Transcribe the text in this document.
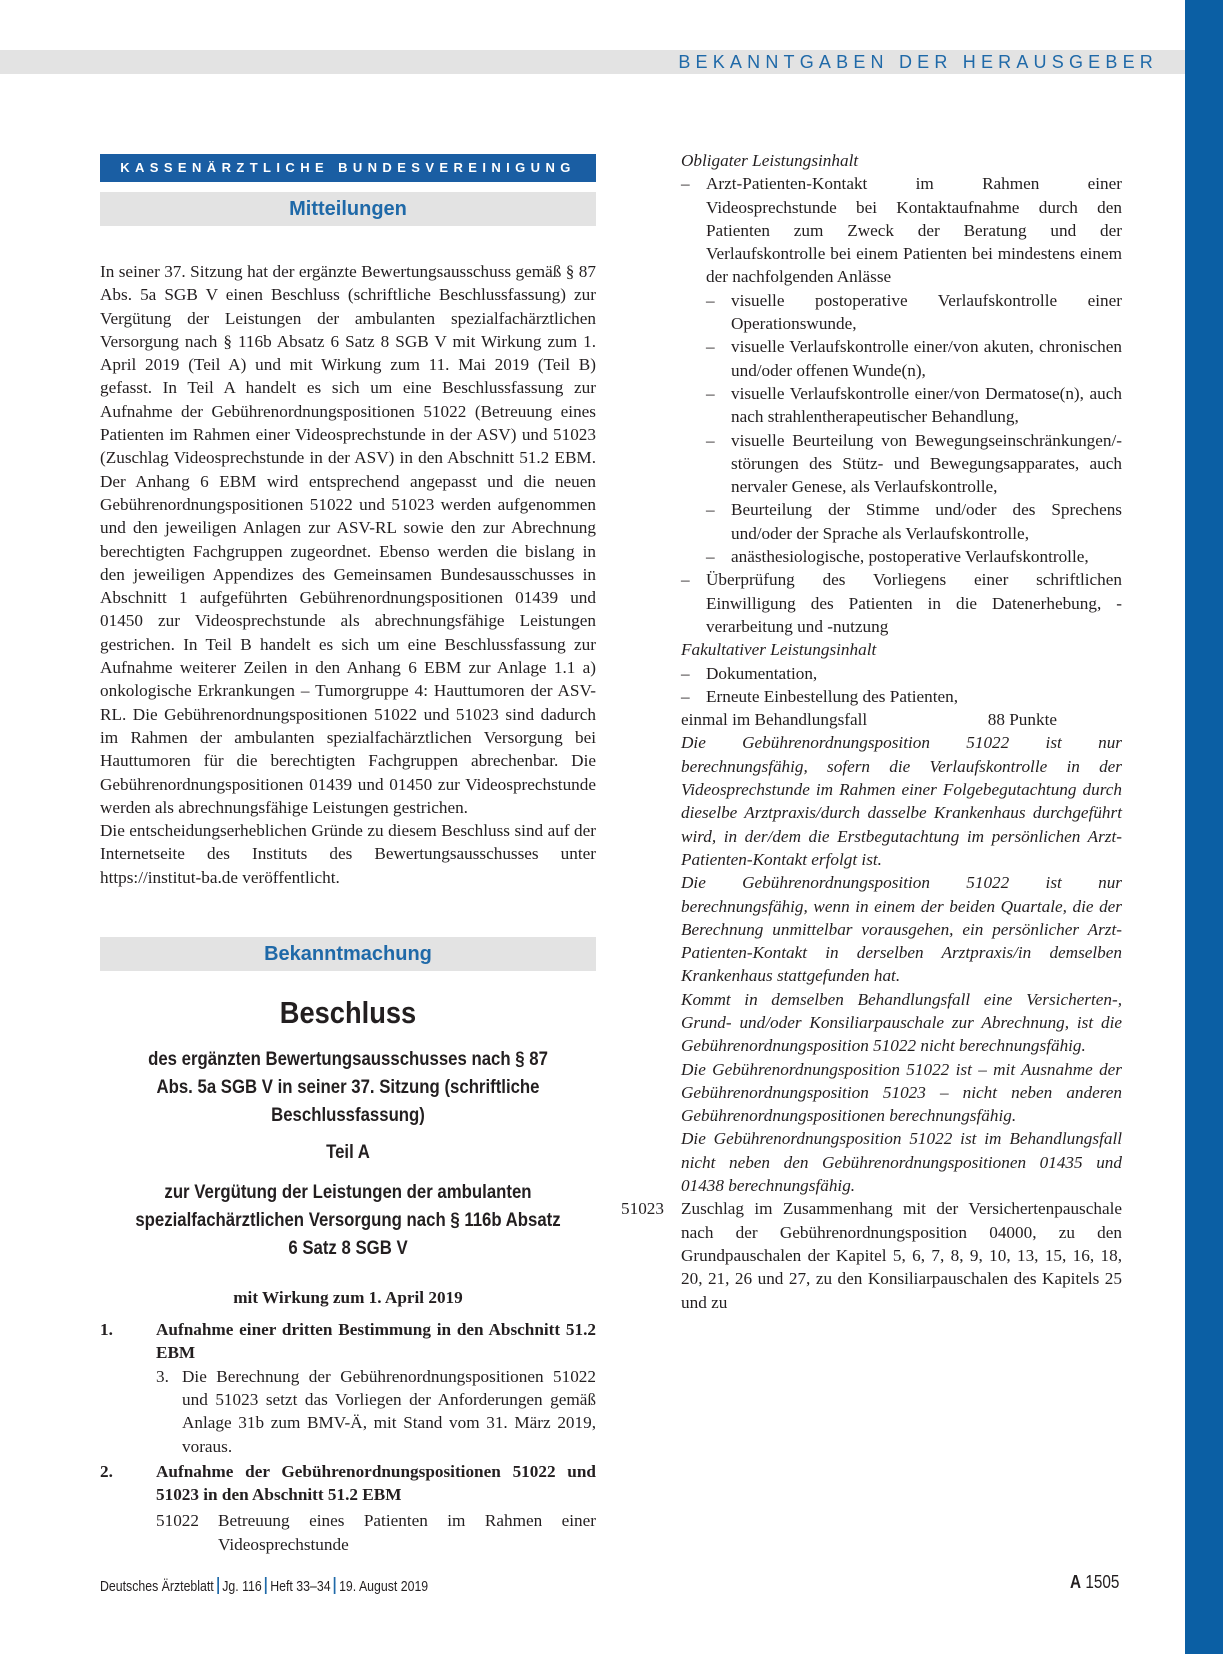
BEKANNTGABEN DER HERAUSGEBER
KASSENÄRZTLICHE BUNDESVEREINIGUNG
Mitteilungen

In seiner 37. Sitzung hat der ergänzte Bewertungsausschuss gemäß § 87 Abs. 5a SGB V einen Beschluss (schriftliche Beschlussfassung) zur Vergütung der Leistungen der ambulanten spezialfachärztlichen Versorgung nach § 116b Absatz 6 Satz 8 SGB V mit Wirkung zum 1. April 2019 (Teil A) und mit Wirkung zum 11. Mai 2019 (Teil B) gefasst. In Teil A handelt es sich um eine Beschlussfassung zur Aufnahme der Gebührenordnungspositionen 51022 (Betreuung eines Patienten im Rahmen einer Videosprechstunde in der ASV) und 51023 (Zuschlag Videosprechstunde in der ASV) in den Abschnitt 51.2 EBM. Der Anhang 6 EBM wird entsprechend angepasst und die neuen Gebührenordnungspositionen 51022 und 51023 werden aufgenommen und den jeweiligen Anlagen zur ASV-RL sowie den zur Abrechnung berechtigten Fachgruppen zugeordnet. Ebenso werden die bislang in den jeweiligen Appendizes des Gemeinsamen Bundesausschusses in Abschnitt 1 aufgeführten Gebührenordnungspositionen 01439 und 01450 zur Videosprechstunde als abrechnungsfähige Leistungen gestrichen. In Teil B handelt es sich um eine Beschlussfassung zur Aufnahme weiterer Zeilen in den Anhang 6 EBM zur Anlage 1.1 a) onkologische Erkrankungen – Tumorgruppe 4: Hauttumoren der ASV-RL. Die Gebührenordnungspositionen 51022 und 51023 sind dadurch im Rahmen der ambulanten spezialfachärztlichen Versorgung bei Hauttumoren für die berechtigten Fachgruppen abrechenbar. Die Gebührenordnungspositionen 01439 und 01450 zur Videosprechstunde werden als abrechnungsfähige Leistungen gestrichen.

Die entscheidungserheblichen Gründe zu diesem Beschluss sind auf der Internetseite des Instituts des Bewertungsausschusses unter https://institut-ba.de veröffentlicht.

Bekanntmachung
Beschluss
des ergänzten Bewertungsausschusses nach § 87 Abs. 5a SGB V in seiner 37. Sitzung (schriftliche Beschlussfassung)
Teil A
zur Vergütung der Leistungen der ambulanten spezialfachärztlichen Versorgung nach § 116b Absatz 6 Satz 8 SGB V
mit Wirkung zum 1. April 2019
1.	Aufnahme einer dritten Bestimmung in den Abschnitt 51.2 EBM
3. Die Berechnung der Gebührenordnungspositionen 51022 und 51023 setzt das Vorliegen der Anforderungen gemäß Anlage 31b zum BMV-Ä, mit Stand vom 31. März 2019, voraus.
2.	Aufnahme der Gebührenordnungspositionen 51022 und 51023 in den Abschnitt 51.2 EBM
51022	Betreuung eines Patienten im Rahmen einer Videosprechstunde
Obligater Leistungsinhalt
– Arzt-Patienten-Kontakt im Rahmen einer Videosprechstunde bei Kontaktaufnahme durch den Patienten zum Zweck der Beratung und der Verlaufskontrolle bei einem Patienten bei mindestens einem der nachfolgenden Anlässe
– visuelle postoperative Verlaufskontrolle einer Operationswunde,
– visuelle Verlaufskontrolle einer/von akuten, chronischen und/oder offenen Wunde(n),
– visuelle Verlaufskontrolle einer/von Dermatose(n), auch nach strahlentherapeutischer Behandlung,
– visuelle Beurteilung von Bewegungseinschränkungen/-störungen des Stütz- und Bewegungsapparates, auch nervaler Genese, als Verlaufskontrolle,
– Beurteilung der Stimme und/oder des Sprechens und/oder der Sprache als Verlaufskontrolle,
– anästhesiologische, postoperative Verlaufskontrolle,
– Überprüfung des Vorliegens einer schriftlichen Einwilligung des Patienten in die Datenerhebung, -verarbeitung und -nutzung
Fakultativer Leistungsinhalt
– Dokumentation,
– Erneute Einbestellung des Patienten,
einmal im Behandlungsfall	88 Punkte
Die Gebührenordnungsposition 51022 ist nur berechnungsfähig, sofern die Verlaufskontrolle in der Videosprechstunde im Rahmen einer Folgebegutachtung durch dieselbe Arztpraxis/durch dasselbe Krankenhaus durchgeführt wird, in der/dem die Erstbegutachtung im persönlichen Arzt-Patienten-Kontakt erfolgt ist.
Die Gebührenordnungsposition 51022 ist nur berechnungsfähig, wenn in einem der beiden Quartale, die der Berechnung unmittelbar vorausgehen, ein persönlicher Arzt-Patienten-Kontakt in derselben Arztpraxis/in demselben Krankenhaus stattgefunden hat.
Kommt in demselben Behandlungsfall eine Versicherten-, Grund- und/oder Konsiliarpauschale zur Abrechnung, ist die Gebührenordnungsposition 51022 nicht berechnungsfähig.
Die Gebührenordnungsposition 51022 ist – mit Ausnahme der Gebührenordnungsposition 51023 – nicht neben anderen Gebührenordnungspositionen berechnungsfähig.
Die Gebührenordnungsposition 51022 ist im Behandlungsfall nicht neben den Gebührenordnungspositionen 01435 und 01438 berechnungsfähig.
51023 Zuschlag im Zusammenhang mit der Versichertenpauschale nach der Gebührenordnungsposition 04000, zu den Grundpauschalen der Kapitel 5, 6, 7, 8, 9, 10, 13, 15, 16, 18, 20, 21, 26 und 27, zu den Konsiliarpauschalen des Kapitels 25 und zu
Deutsches Ärzteblatt Jg. 116 Heft 33–34 19. August 2019	A 1505
